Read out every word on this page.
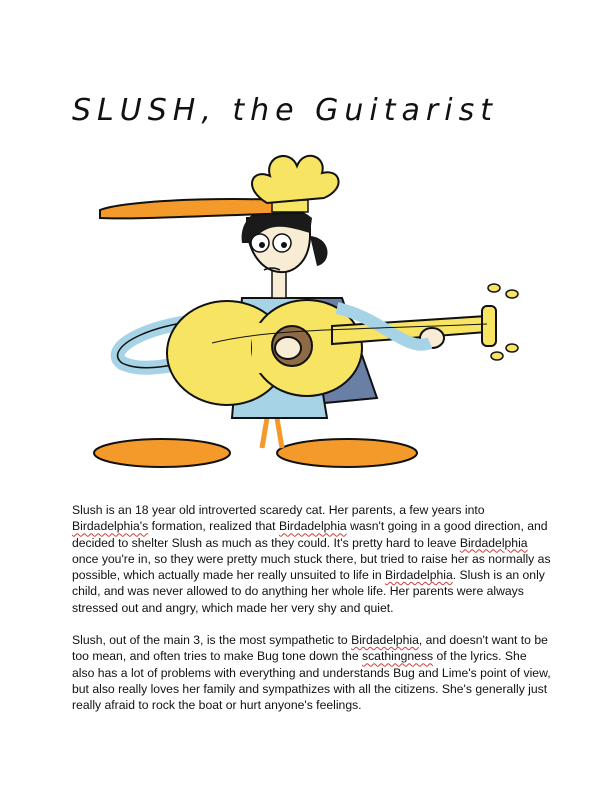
SLUSH, the Guitarist

Slush is an 18 year old introverted scaredy cat. Her parents, a few years into Birdadelphia's formation, realized that Birdadelphia wasn't going in a good direction, and decided to shelter Slush as much as they could. It's pretty hard to leave Birdadelphia once you're in, so they were pretty much stuck there, but tried to raise her as normally as possible, which actually made her really unsuited to life in Birdadelphia. Slush is an only child, and was never allowed to do anything her whole life. Her parents were always stressed out and angry, which made her very shy and quiet.

Slush, out of the main 3, is the most sympathetic to Birdadelphia, and doesn't want to be too mean, and often tries to make Bug tone down the scathingness of the lyrics. She also has a lot of problems with everything and understands Bug and Lime's point of view, but also really loves her family and sympathizes with all the citizens. She's generally just really afraid to rock the boat or hurt anyone's feelings.
